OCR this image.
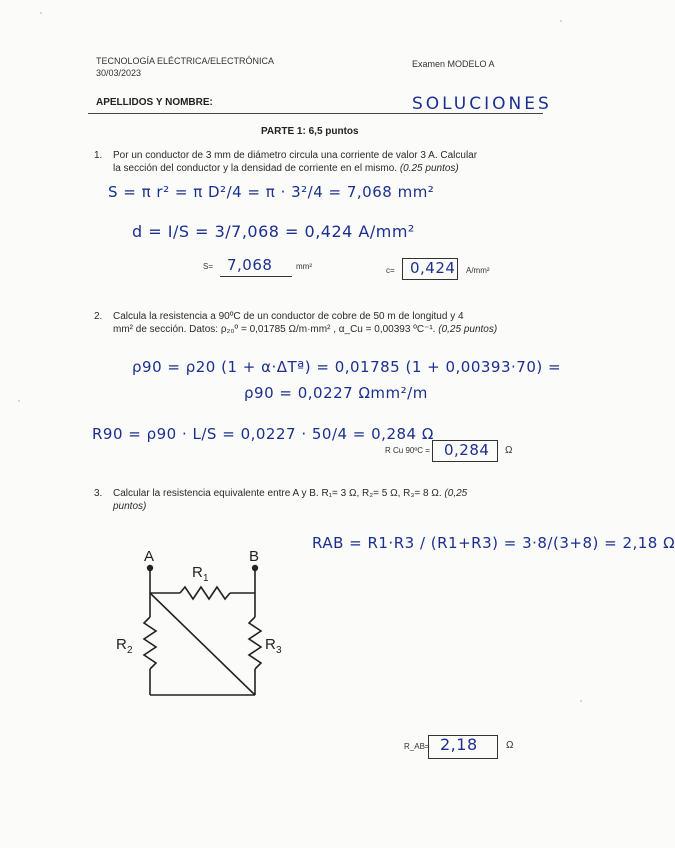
TECNOLOGÍA ELÉCTRICA/ELECTRÓNICA
30/03/2023
Examen MODELO A
APELLIDOS Y NOMBRE:	SOLUCIONES
PARTE 1: 6,5 puntos
1. Por un conductor de 3 mm de diámetro circula una corriente de valor 3 A. Calcular
la sección del conductor y la densidad de corriente en el mismo. (0.25 puntos)
S = π r² = π D²/4 = π · 3²/4 = 7,068 mm²
d = I/S = 3/7,068 = 0,424 A/mm²
S= 7,068	mm²	c= 0,424 A/mm²
2. Calcula la resistencia a 90ºC de un conductor de cobre de 50 m de longitud y 4
mm² de sección. Datos: ρ₂₀º = 0,01785 Ω/m·mm² , α_Cu = 0,00393 ºC⁻¹. (0,25 puntos)
ρ90 = ρ20 (1 + α·ΔTª) = 0,01785 (1 + 0,00393·70) =
ρ90 = 0,0227 Ωmm²/m
R90 = ρ90 · L/S = 0,0227 · 50/4 = 0,284 Ω
R Cu 90ºC = 0,284 Ω
3. Calcular la resistencia equivalente entre A y B. R₁= 3 Ω, R₂= 5 Ω, R₃= 8 Ω. (0,25
puntos)
RAB = R1·R3 / (R1+R3) = 3·8/(3+8) = 2,18 Ω
A	B
R 1
R 2	R 3
R_AB= 2,18	Ω
